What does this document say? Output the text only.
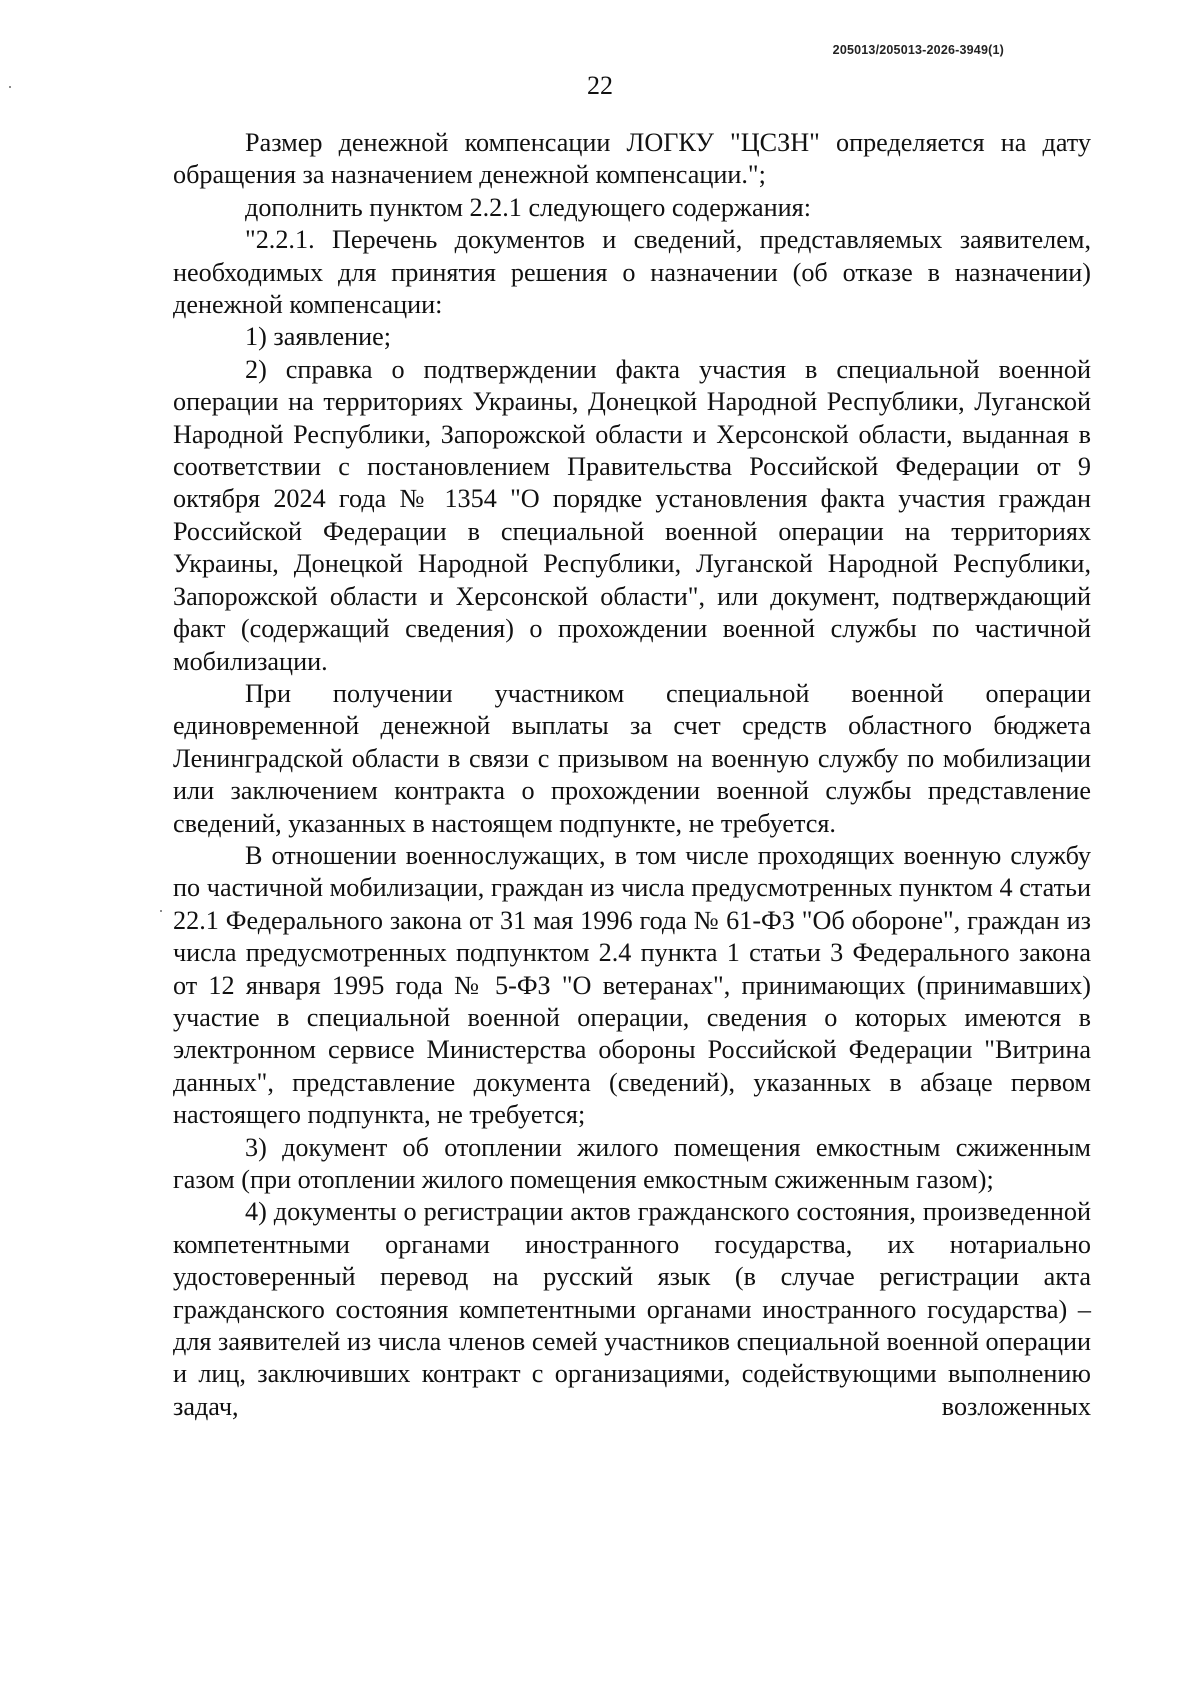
205013/205013-2026-3949(1)
22

Размер денежной компенсации ЛОГКУ "ЦСЗН" определяется на дату обращения за назначением денежной компенсации.";

дополнить пунктом 2.2.1 следующего содержания:

"2.2.1. Перечень документов и сведений, представляемых заявителем, необходимых для принятия решения о назначении (об отказе в назначении) денежной компенсации:

1) заявление;

2) справка о подтверждении факта участия в специальной военной операции на территориях Украины, Донецкой Народной Республики, Луганской Народной Республики, Запорожской области и Херсонской области, выданная в соответствии с постановлением Правительства Российской Федерации от 9 октября 2024 года № 1354 "О порядке установления факта участия граждан Российской Федерации в специальной военной операции на территориях Украины, Донецкой Народной Республики, Луганской Народной Республики, Запорожской области и Херсонской области", или документ, подтверждающий факт (содержащий сведения) о прохождении военной службы по частичной мобилизации.

При получении участником специальной военной операции единовременной денежной выплаты за счет средств областного бюджета Ленинградской области в связи с призывом на военную службу по мобилизации или заключением контракта о прохождении военной службы представление сведений, указанных в настоящем подпункте, не требуется.

В отношении военнослужащих, в том числе проходящих военную службу по частичной мобилизации, граждан из числа предусмотренных пунктом 4 статьи 22.1 Федерального закона от 31 мая 1996 года № 61-ФЗ "Об обороне", граждан из числа предусмотренных подпунктом 2.4 пункта 1 статьи 3 Федерального закона от 12 января 1995 года № 5-ФЗ "О ветеранах", принимающих (принимавших) участие в специальной военной операции, сведения о которых имеются в электронном сервисе Министерства обороны Российской Федерации "Витрина данных", представление документа (сведений), указанных в абзаце первом настоящего подпункта, не требуется;

3) документ об отоплении жилого помещения емкостным сжиженным газом (при отоплении жилого помещения емкостным сжиженным газом);

4) документы о регистрации актов гражданского состояния, произведенной компетентными органами иностранного государства, их нотариально удостоверенный перевод на русский язык (в случае регистрации акта гражданского состояния компетентными органами иностранного государства) – для заявителей из числа членов семей участников специальной военной операции и лиц, заключивших контракт с организациями, содействующими выполнению задач, возложенных
